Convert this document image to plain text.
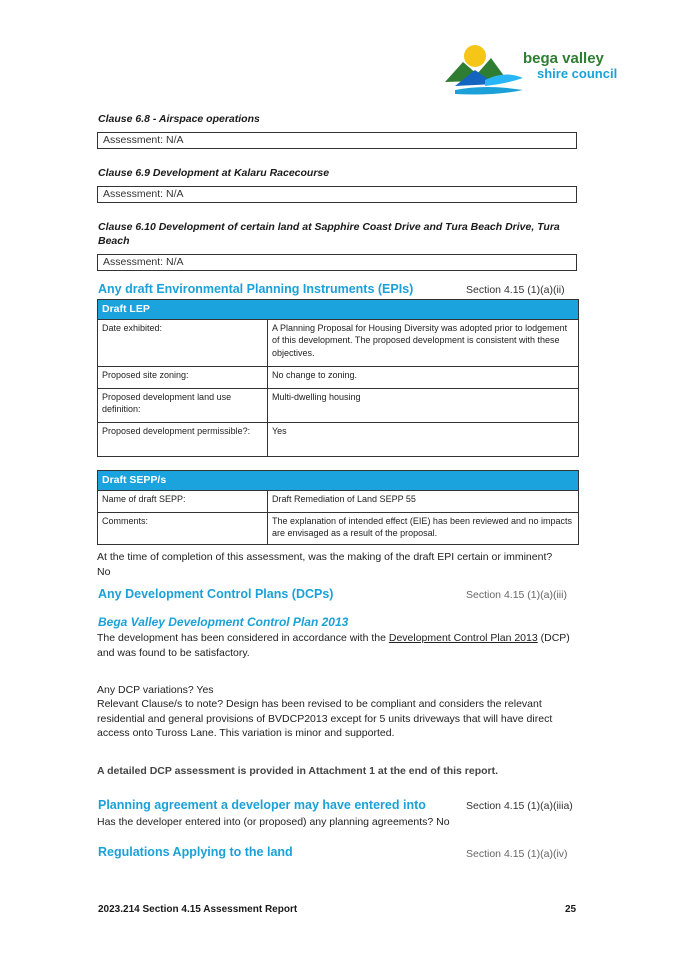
bega valley
shire council
Clause 6.8 - Airspace operations
Assessment: N/A
Clause 6.9 Development at Kalaru Racecourse
Assessment: N/A
Clause 6.10 Development of certain land at Sapphire Coast Drive and Tura Beach Drive, Tura Beach
Assessment: N/A
Any draft Environmental Planning Instruments (EPIs)	Section 4.15 (1)(a)(ii)
Draft LEP	
Date exhibited:	A Planning Proposal for Housing Diversity was adopted prior to lodgement of this development. The proposed development is consistent with these objectives.
Proposed site zoning:	No change to zoning.
Proposed development land use definition:	Multi-dwelling housing
Proposed development permissible?:	Yes
Draft SEPP/s	
Name of draft SEPP:	Draft Remediation of Land SEPP 55
Comments:	The explanation of intended effect (EIE) has been reviewed and no impacts are envisaged as a result of the proposal.
At the time of completion of this assessment, was the making of the draft EPI certain or imminent? No
Any Development Control Plans (DCPs)	Section 4.15 (1)(a)(iii)
Bega Valley Development Control Plan 2013
The development has been considered in accordance with the Development Control Plan 2013 (DCP) and was found to be satisfactory.
Any DCP variations? Yes
Relevant Clause/s to note? Design has been revised to be compliant and considers the relevant residential and general provisions of BVDCP2013 except for 5 units driveways that will have direct access onto Tuross Lane. This variation is minor and supported.
A detailed DCP assessment is provided in Attachment 1 at the end of this report.
Planning agreement a developer may have entered into	Section 4.15 (1)(a)(iiia)
Has the developer entered into (or proposed) any planning agreements? No
Regulations Applying to the land	Section 4.15 (1)(a)(iv)
2023.214 Section 4.15 Assessment Report	25
